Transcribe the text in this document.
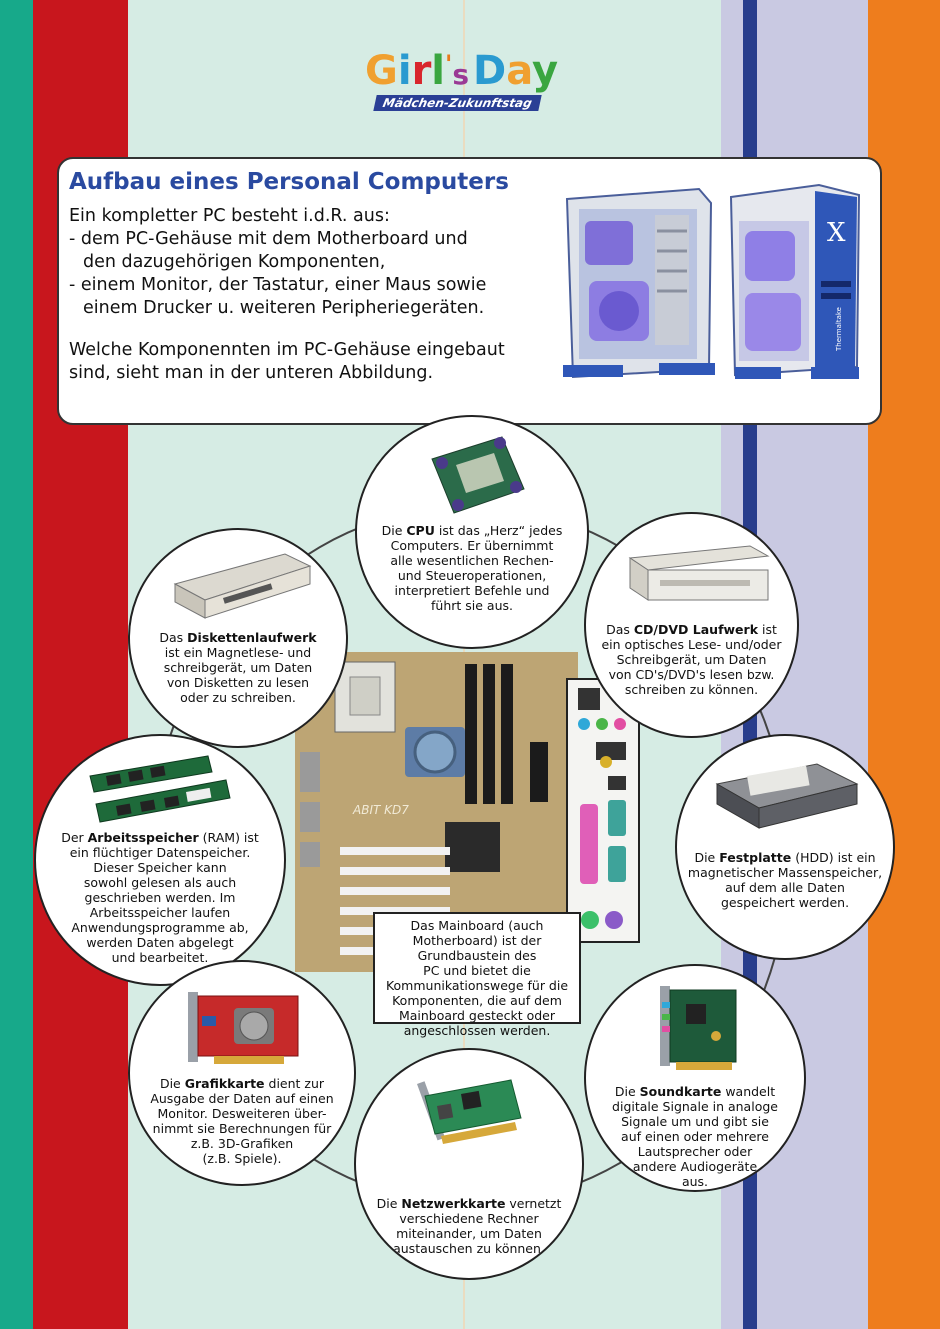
Girl'$_s$ Day
Mädchen-Zukunftstag
Aufbau eines Personal Computers
Ein kompletter PC besteht i.d.R. aus:
- dem PC-Gehäuse mit dem Motherboard und
den dazugehörigen Komponenten,
- einem Monitor, der Tastatur, einer Maus sowie
einem Drucker u. weiteren Peripheriegeräten.
Welche Komponennten im PC-Gehäuse eingebaut
sind, sieht man in der unteren Abbildung.
X
Thermaltake
ABIT KD7
Das Mainboard (auch
Motherboard) ist der
Grundbaustein des
PC und bietet die
Kommunikationswege für die
Komponenten, die auf dem
Mainboard gesteckt oder
angeschlossen werden.
Die CPU ist das „Herz“ jedes
Computers. Er übernimmt
alle wesentlichen Rechen-
und Steueroperationen,
interpretiert Befehle und
führt sie aus.
Das Diskettenlaufwerk
ist ein Magnetlese- und
schreibgerät, um Daten
von Disketten zu lesen
oder zu schreiben.
Das CD/DVD Laufwerk ist
ein optisches Lese- und/oder
Schreibgerät, um Daten
von CD's/DVD's lesen bzw.
schreiben zu können.
Der Arbeitsspeicher (RAM) ist
ein flüchtiger Datenspeicher.
Dieser Speicher kann
sowohl gelesen als auch
geschrieben werden. Im
Arbeitsspeicher laufen
Anwendungsprogramme ab,
werden Daten abgelegt
und bearbeitet.
Die Festplatte (HDD) ist ein
magnetischer Massenspeicher,
auf dem alle Daten
gespeichert werden.
Die Grafikkarte dient zur
Ausgabe der Daten auf einen
Monitor. Desweiteren über-
nimmt sie Berechnungen für
z.B. 3D-Grafiken
(z.B. Spiele).
Die Netzwerkkarte vernetzt
verschiedene Rechner
miteinander, um Daten
austauschen zu können.
Die Soundkarte wandelt
digitale Signale in analoge
Signale um und gibt sie
auf einen oder mehrere
Lautsprecher oder
andere Audiogeräte
aus.
